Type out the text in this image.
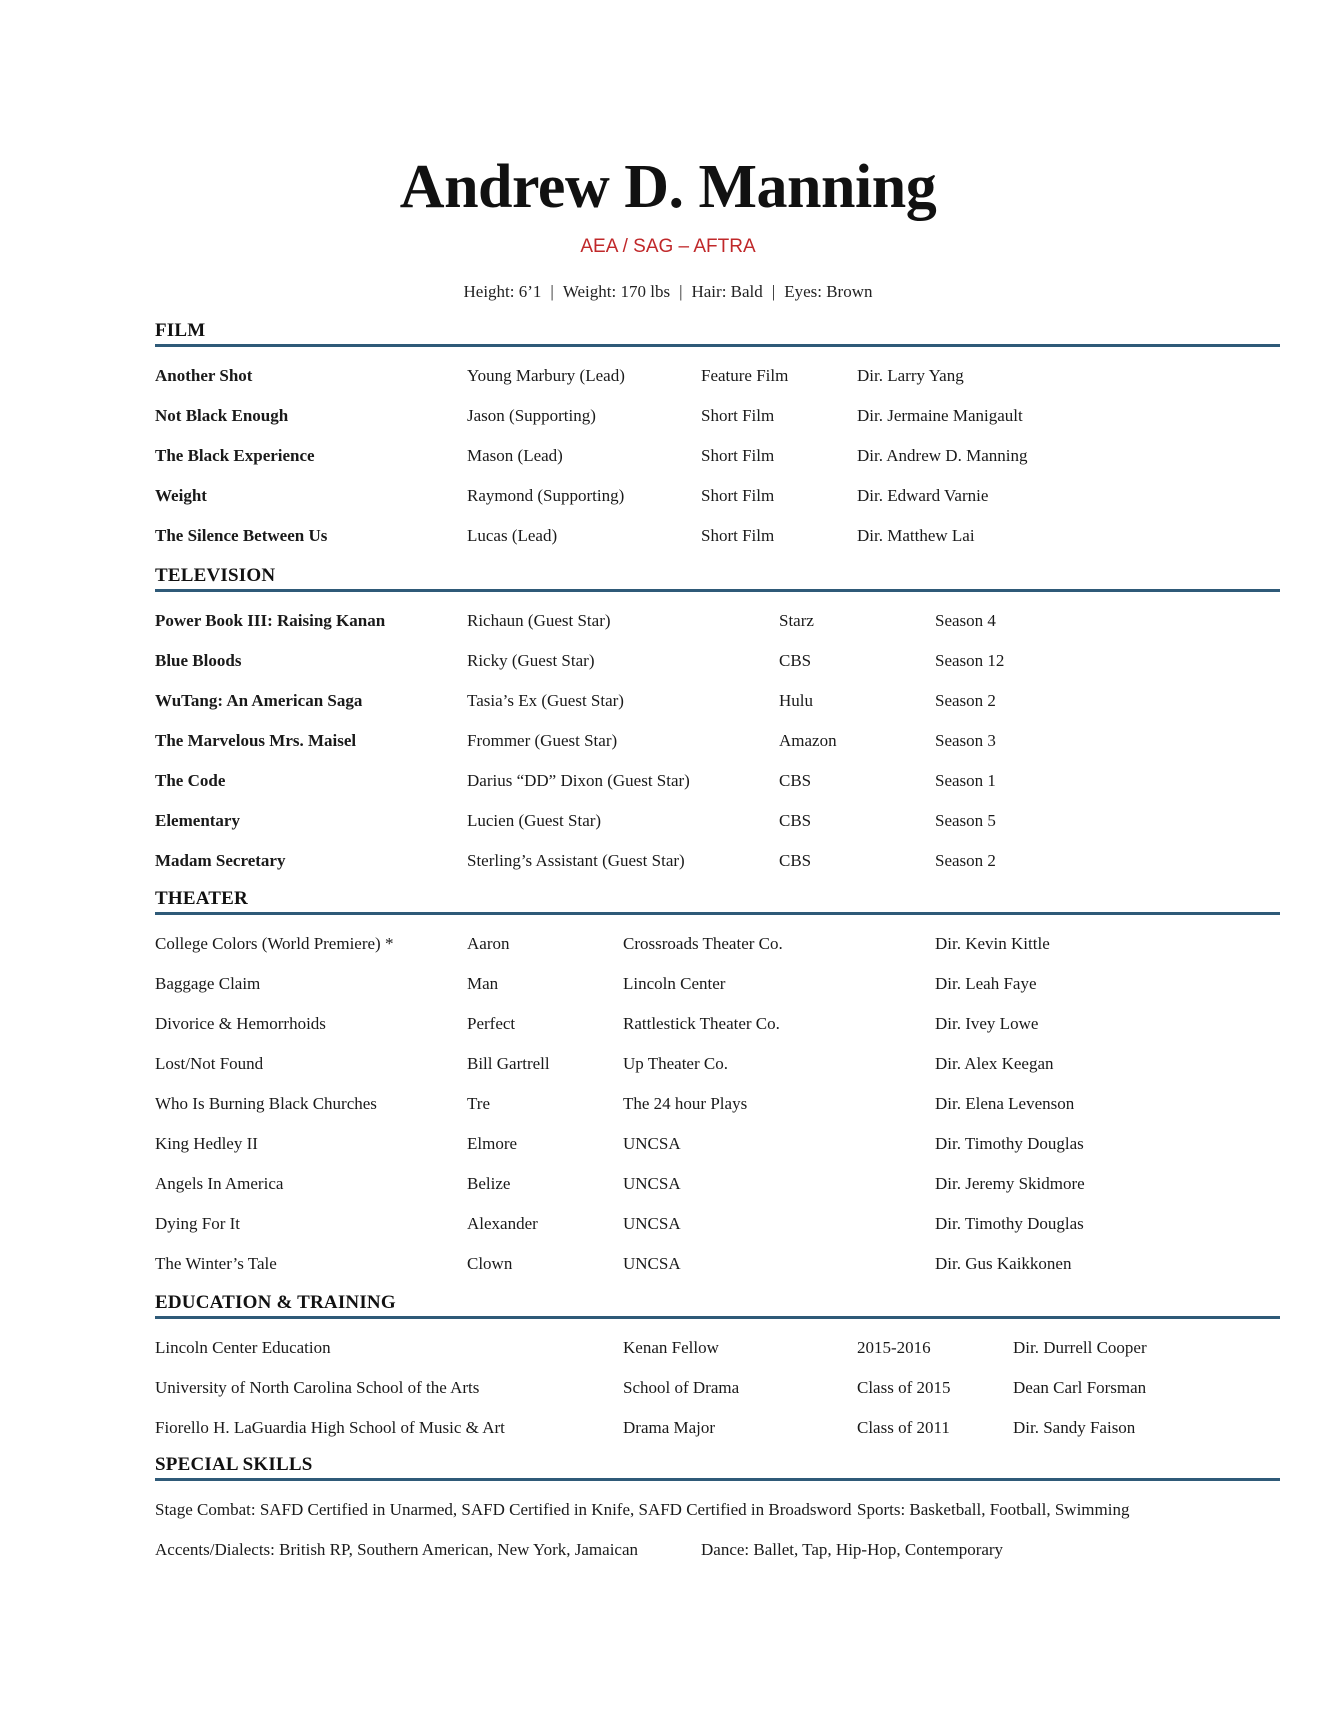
Andrew D. Manning
AEA / SAG – AFTRA
Height: 6’1 | Weight: 170 lbs | Hair: Bald | Eyes: Brown
FILM
Another Shot	Young Marbury (Lead)	Feature Film	Dir. Larry Yang
Not Black Enough	Jason (Supporting)	Short Film	Dir. Jermaine Manigault
The Black Experience	Mason (Lead)	Short Film	Dir. Andrew D. Manning
Weight	Raymond (Supporting)	Short Film	Dir. Edward Varnie
The Silence Between Us	Lucas (Lead)	Short Film	Dir. Matthew Lai
TELEVISION
Power Book III: Raising Kanan	Richaun (Guest Star)	Starz	Season 4
Blue Bloods	Ricky (Guest Star)	CBS	Season 12
WuTang: An American Saga	Tasia’s Ex (Guest Star)	Hulu	Season 2
The Marvelous Mrs. Maisel	Frommer (Guest Star)	Amazon	Season 3
The Code	Darius “DD” Dixon (Guest Star)	CBS	Season 1
Elementary	Lucien (Guest Star)	CBS	Season 5
Madam Secretary	Sterling’s Assistant (Guest Star)	CBS	Season 2
THEATER
College Colors (World Premiere) *	Aaron	Crossroads Theater Co.	Dir. Kevin Kittle
Baggage Claim	Man	Lincoln Center	Dir. Leah Faye
Divorice & Hemorrhoids	Perfect	Rattlestick Theater Co.	Dir. Ivey Lowe
Lost/Not Found	Bill Gartrell	Up Theater Co.	Dir. Alex Keegan
Who Is Burning Black Churches	Tre	The 24 hour Plays	Dir. Elena Levenson
King Hedley II	Elmore	UNCSA	Dir. Timothy Douglas
Angels In America	Belize	UNCSA	Dir. Jeremy Skidmore
Dying For It	Alexander	UNCSA	Dir. Timothy Douglas
The Winter’s Tale	Clown	UNCSA	Dir. Gus Kaikkonen
EDUCATION & TRAINING
Lincoln Center Education	Kenan Fellow	2015-2016	Dir. Durrell Cooper
University of North Carolina School of the Arts	School of Drama	Class of 2015	Dean Carl Forsman
Fiorello H. LaGuardia High School of Music & Art	Drama Major	Class of 2011	Dir. Sandy Faison
SPECIAL SKILLS
Stage Combat: SAFD Certified in Unarmed, SAFD Certified in Knife, SAFD Certified in Broadsword Sports: Basketball, Football, Swimming
Accents/Dialects: British RP, Southern American, New York, Jamaican	Dance: Ballet, Tap, Hip-Hop, Contemporary
